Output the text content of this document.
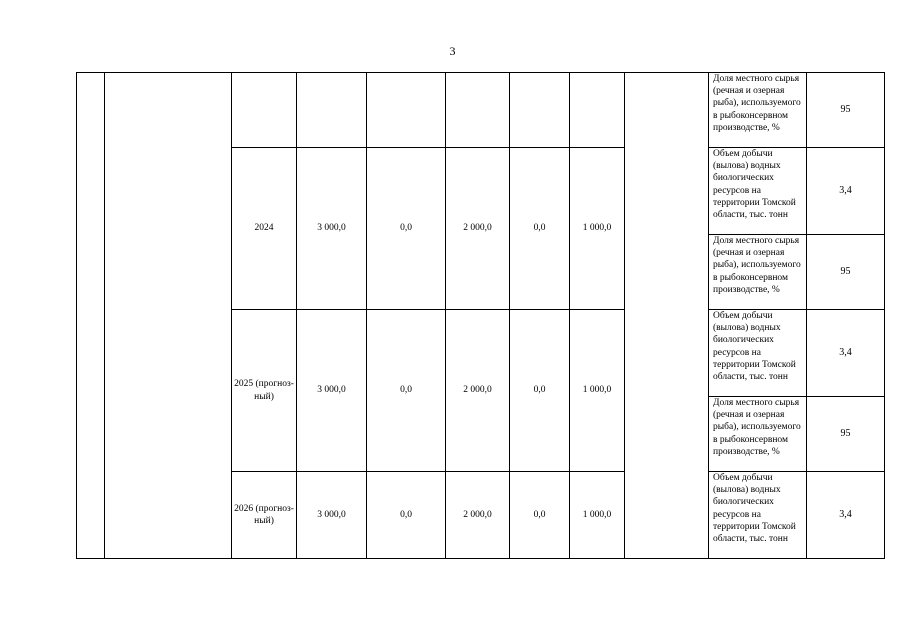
3
									Доля местного сырья (речная и озерная рыба), используемого в рыбоконсервном производстве, %	95
		2024	3 000,0	0,0	2 000,0	0,0	1 000,0		Объем добычи (вылова) водных биологических ресурсов на территории Томской области, тыс. тонн	3,4
									Доля местного сырья (речная и озерная рыба), используемого в рыбоконсервном производстве, %	95
		2025 (прогноз-ный)	3 000,0	0,0	2 000,0	0,0	1 000,0		Объем добычи (вылова) водных биологических ресурсов на территории Томской области, тыс. тонн	3,4
									Доля местного сырья (речная и озерная рыба), используемого в рыбоконсервном производстве, %	95
		2026 (прогноз-ный)	3 000,0	0,0	2 000,0	0,0	1 000,0		Объем добычи (вылова) водных биологических ресурсов на территории Томской области, тыс. тонн	3,4
